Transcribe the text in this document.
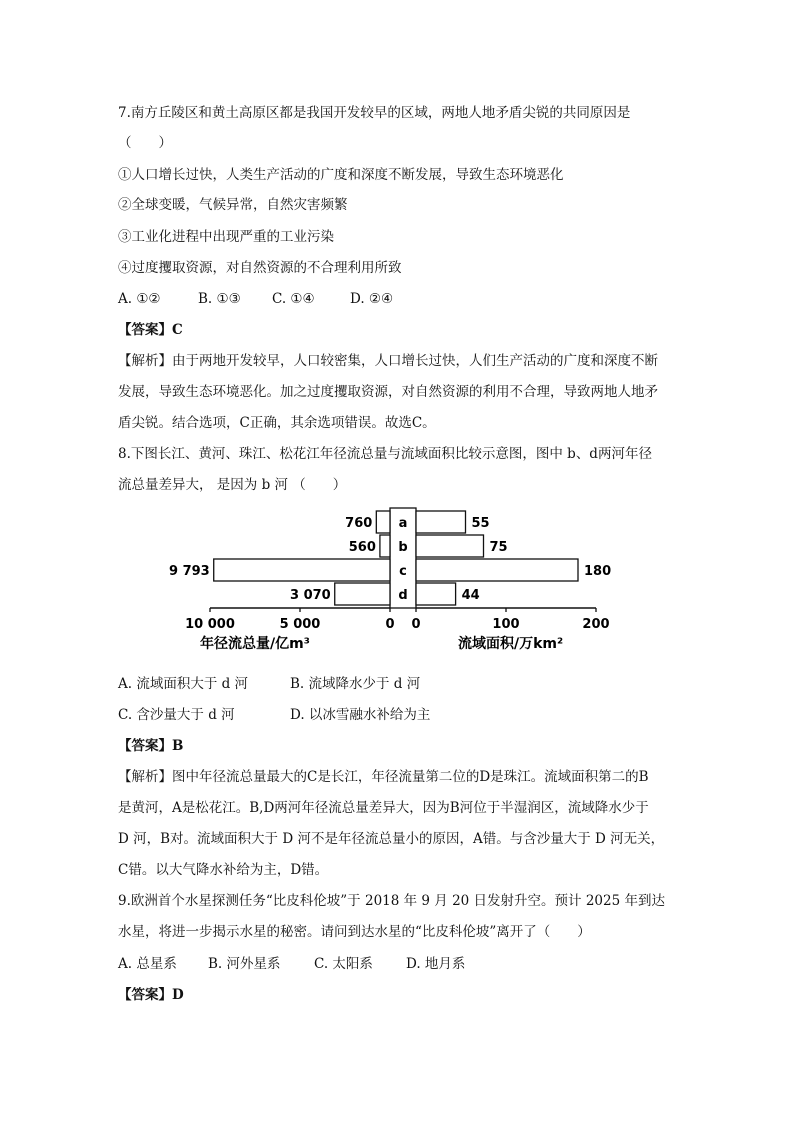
7.南方丘陵区和黄土高原区都是我国开发较早的区域，两地人地矛盾尖锐的共同原因是
（　　）
①人口增长过快，人类生产活动的广度和深度不断发展，导致生态环境恶化
②全球变暖，气候异常，自然灾害频繁
③工业化进程中出现严重的工业污染
④过度攫取资源，对自然资源的不合理利用所致
A. ①②	B. ①③ C. ①④	D. ②④
【答案】C
【解析】由于两地开发较早，人口较密集，人口增长过快，人们生产活动的广度和深度不断
发展，导致生态环境恶化。加之过度攫取资源，对自然资源的利用不合理，导致两地人地矛
盾尖锐。结合选项，C正确，其余选项错误。故选C。
8.下图长江、黄河、珠江、松花江年径流总量与流域面积比较示意图，图中 b、d两河年径
流总量差异大， 是因为 b 河 （　　）
a
760	55
b
560	75
c
9 793	180
d
3 070	44
10 000	5 000	0 0	100	200
年径流总量/亿m³	流域面积/万km²
A. 流域面积大于 d 河	B. 流域降水少于 d 河
C. 含沙量大于 d 河	D. 以冰雪融水补给为主
【答案】B
【解析】图中年径流总量最大的C是长江，年径流量第二位的D是珠江。流域面积第二的B
是黄河，A是松花江。B,D两河年径流总量差异大，因为B河位于半湿润区，流域降水少于
D 河，B对。流域面积大于 D 河不是年径流总量小的原因，A错。与含沙量大于 D 河无关，
C错。以大气降水补给为主，D错。
9.欧洲首个水星探测任务“比皮科伦坡”于 2018 年 9 月 20 日发射升空。预计 2025 年到达
水星，将进一步揭示水星的秘密。请问到达水星的“比皮科伦坡”离开了（　　）
A. 总星系 B. 河外星系 C. 太阳系 D. 地月系
【答案】D
